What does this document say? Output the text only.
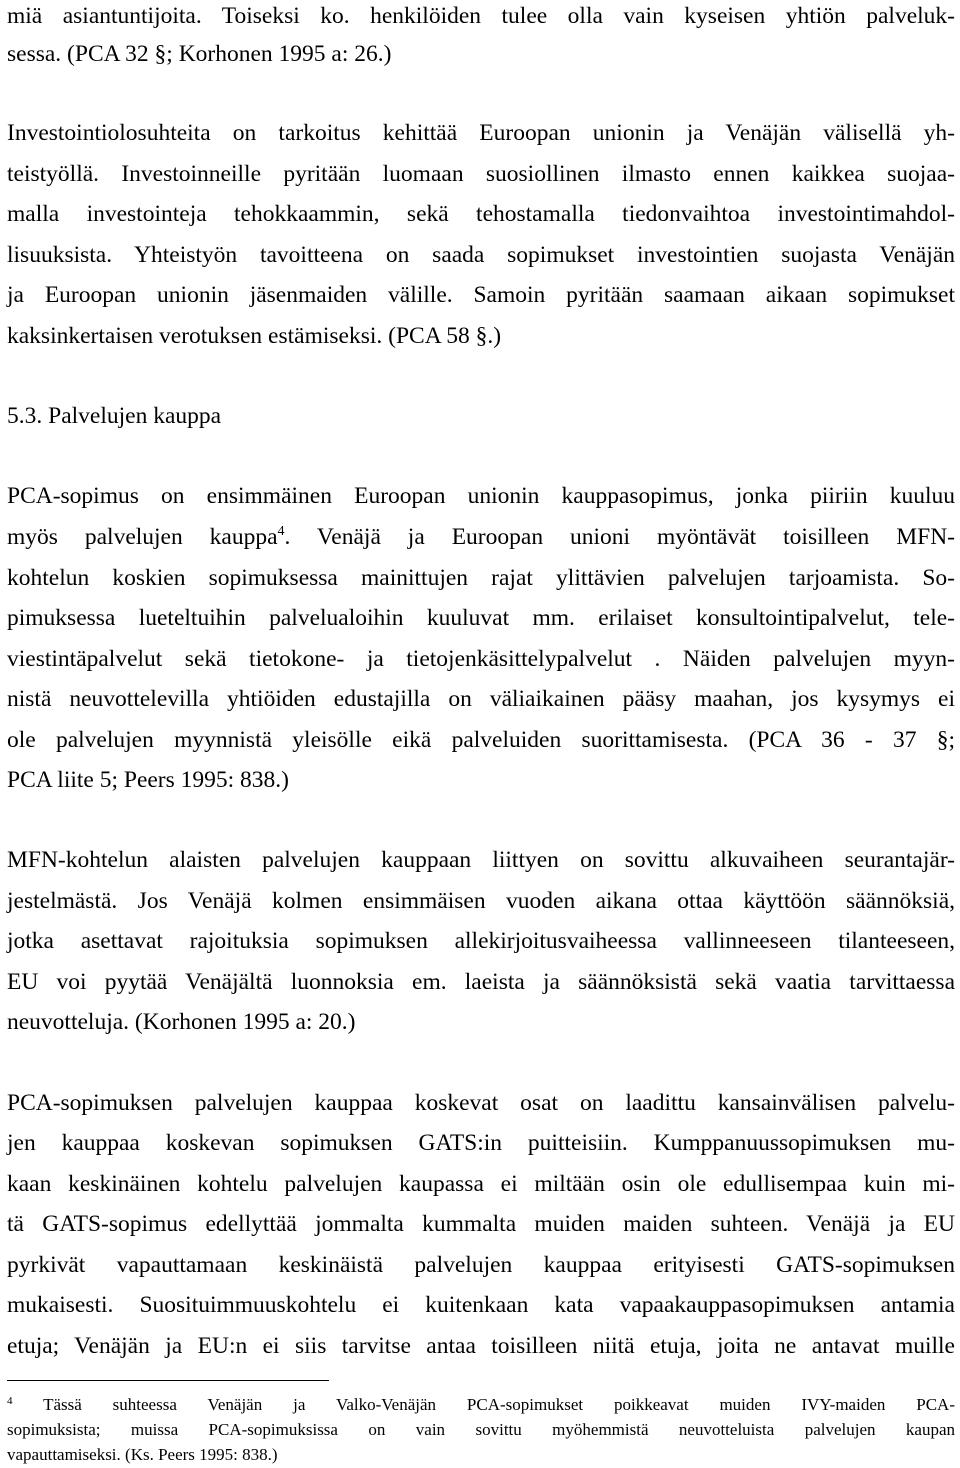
miä asiantuntijoita. Toiseksi ko. henkilöiden tulee olla vain kyseisen yhtiön palveluk-
sessa. (PCA 32 §; Korhonen 1995 a: 26.)
Investointiolosuhteita on tarkoitus kehittää Euroopan unionin ja Venäjän välisellä yh-
teistyöllä. Investoinneille pyritään luomaan suosiollinen ilmasto ennen kaikkea suojaa-
malla investointeja tehokkaammin, sekä tehostamalla tiedonvaihtoa investointimahdol-
lisuuksista. Yhteistyön tavoitteena on saada sopimukset investointien suojasta Venäjän
ja Euroopan unionin jäsenmaiden välille. Samoin pyritään saamaan aikaan sopimukset
kaksinkertaisen verotuksen estämiseksi. (PCA 58 §.)
5.3. Palvelujen kauppa
PCA-sopimus on ensimmäinen Euroopan unionin kauppasopimus, jonka piiriin kuuluu
myös palvelujen kauppa$^4$. Venäjä ja Euroopan unioni myöntävät toisilleen MFN-
kohtelun koskien sopimuksessa mainittujen rajat ylittävien palvelujen tarjoamista. So-
pimuksessa lueteltuihin palvelualoihin kuuluvat mm. erilaiset konsultointipalvelut, tele-
viestintäpalvelut sekä tietokone- ja tietojenkäsittelypalvelut . Näiden palvelujen myyn-
nistä neuvottelevilla yhtiöiden edustajilla on väliaikainen pääsy maahan, jos kysymys ei
ole palvelujen myynnistä yleisölle eikä palveluiden suorittamisesta. (PCA 36 - 37 §;
PCA liite 5; Peers 1995: 838.)
MFN-kohtelun alaisten palvelujen kauppaan liittyen on sovittu alkuvaiheen seurantajär-
jestelmästä. Jos Venäjä kolmen ensimmäisen vuoden aikana ottaa käyttöön säännöksiä,
jotka asettavat rajoituksia sopimuksen allekirjoitusvaiheessa vallinneeseen tilanteeseen,
EU voi pyytää Venäjältä luonnoksia em. laeista ja säännöksistä sekä vaatia tarvittaessa
neuvotteluja. (Korhonen 1995 a: 20.)
PCA-sopimuksen palvelujen kauppaa koskevat osat on laadittu kansainvälisen palvelu-
jen kauppaa koskevan sopimuksen GATS:in puitteisiin. Kumppanuussopimuksen mu-
kaan keskinäinen kohtelu palvelujen kaupassa ei miltään osin ole edullisempaa kuin mi-
tä GATS-sopimus edellyttää jommalta kummalta muiden maiden suhteen. Venäjä ja EU
pyrkivät vapauttamaan keskinäistä palvelujen kauppaa erityisesti GATS-sopimuksen
mukaisesti. Suosituimmuuskohtelu ei kuitenkaan kata vapaakauppasopimuksen antamia
etuja; Venäjän ja EU:n ei siis tarvitse antaa toisilleen niitä etuja, joita ne antavat muille
$^4$ Tässä suhteessa Venäjän ja Valko-Venäjän PCA-sopimukset poikkeavat muiden IVY-maiden PCA-
sopimuksista; muissa PCA-sopimuksissa on vain sovittu myöhemmistä neuvotteluista palvelujen kaupan
vapauttamiseksi. (Ks. Peers 1995: 838.)
